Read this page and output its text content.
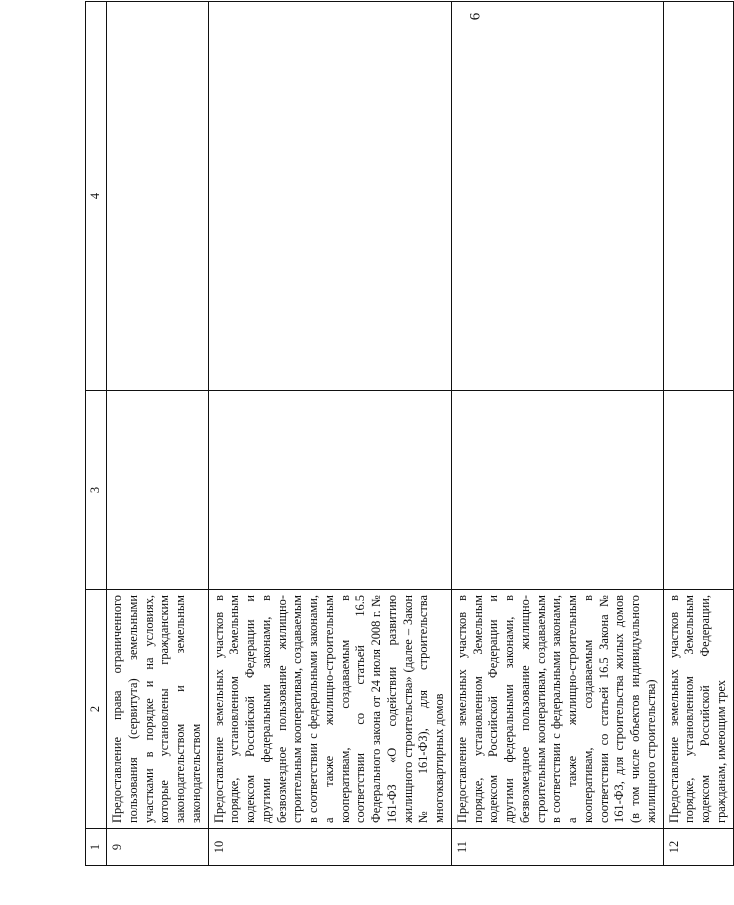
6
1	2	3	4
9	Предоставление права ограниченного пользования (сервитута) земельными участками в порядке и на условиях, которые установлены гражданским законодательством и земельным законодательством		
10	Предоставление земельных участков в порядке, установленном Земельным кодексом Российской Федерации и другими федеральными законами, в безвозмездное пользование жилищно-строительным кооперативам, создаваемым в соответствии с федеральными законами, а также жилищно-строительным кооперативам, создаваемым в соответствии со статьей 16.5 Федерального закона от 24 июля 2008 г. № 161-ФЗ «О содействии развитию жилищного строительства» (далее – Закон № 161-ФЗ), для строительства многоквартирных домов		
11	Предоставление земельных участков в порядке, установленном Земельным кодексом Российской Федерации и другими федеральными законами, в безвозмездное пользование жилищно-строительным кооперативам, создаваемым в соответствии с федеральными законами, а также жилищно-строительным кооперативам, создаваемым в соответствии со статьей 16.5 Закона № 161-ФЗ, для строительства жилых домов (в том числе объектов индивидуального жилищного строительства)		
12	Предоставление земельных участков в порядке, установленном Земельным кодексом Российской Федерации, гражданам, имеющим трех		
